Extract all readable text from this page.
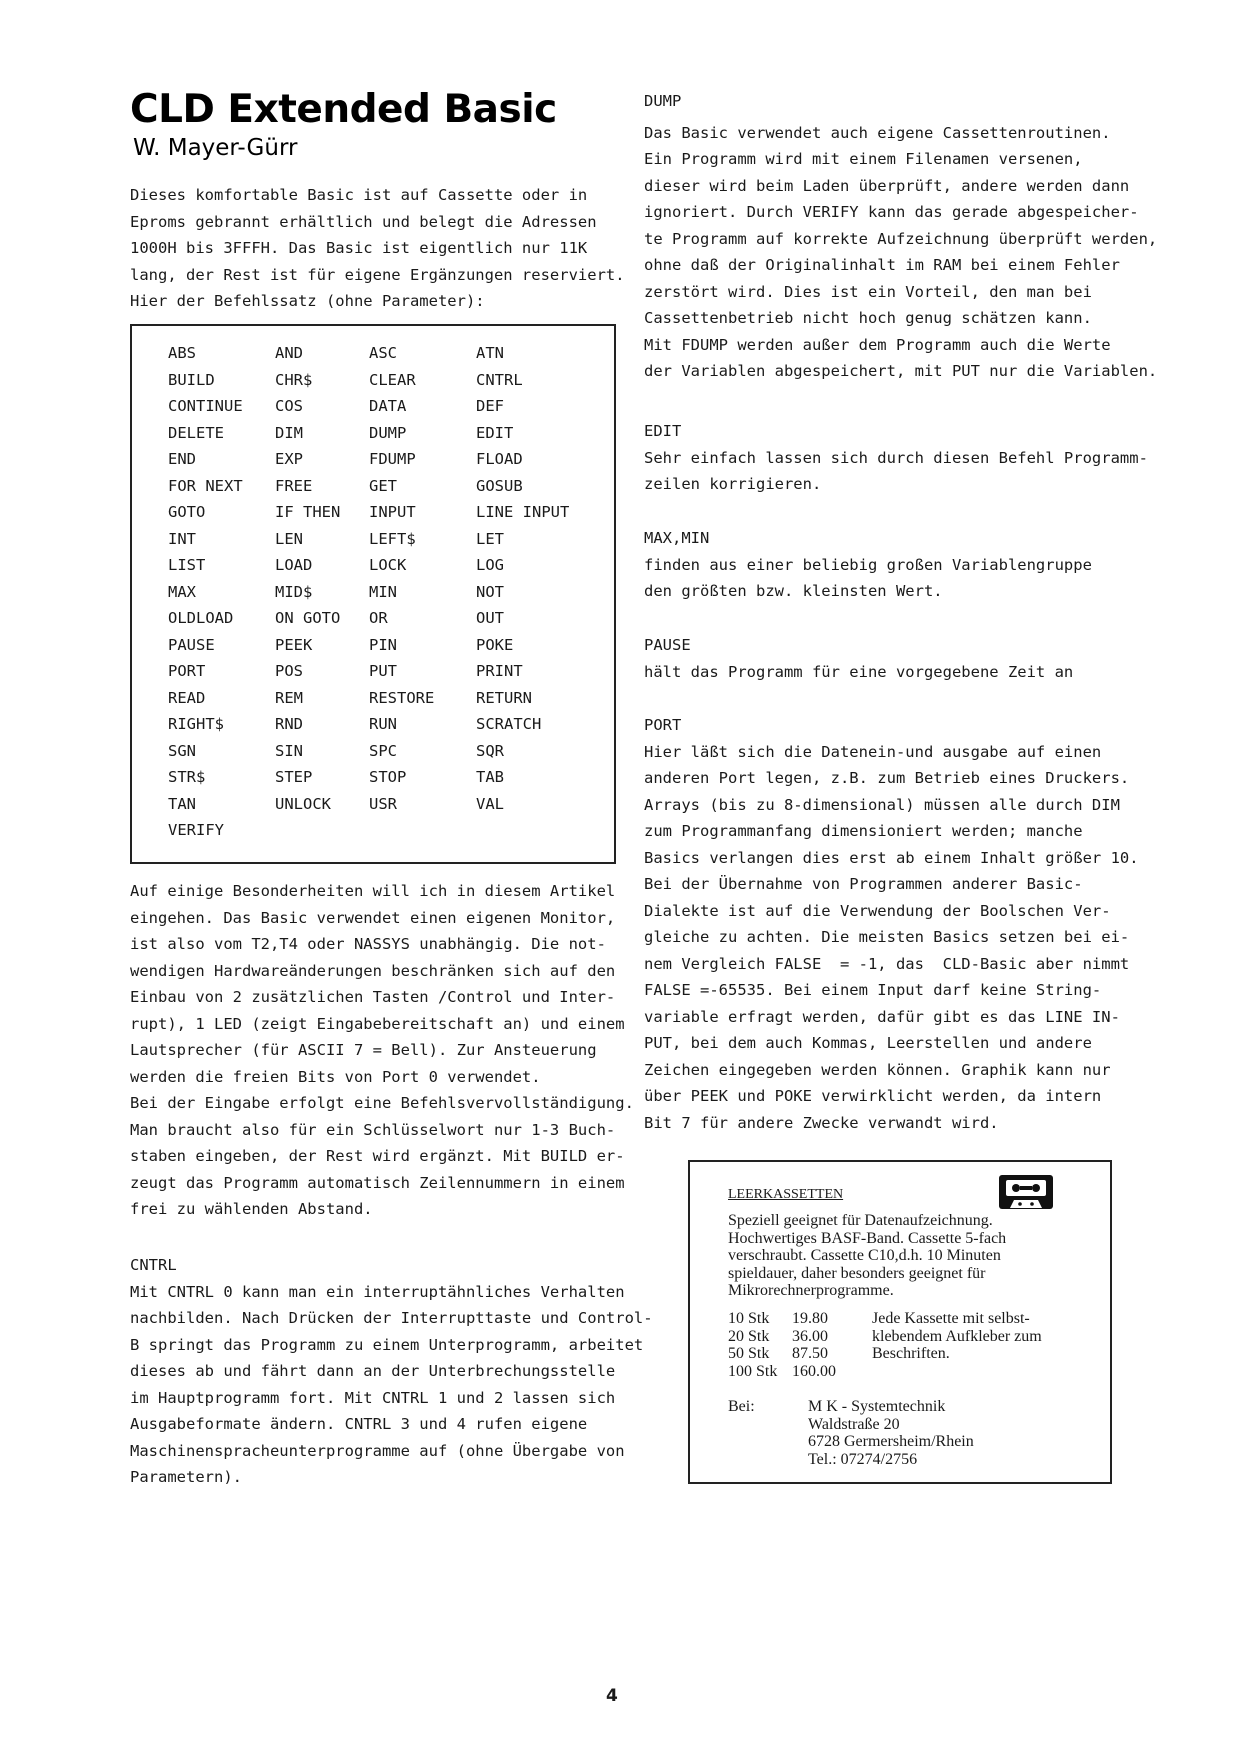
CLD Extended Basic
W. Mayer-Gürr

Dieses komfortable Basic ist auf Cassette oder in

Eproms gebrannt erhältlich und belegt die Adressen

1000H bis 3FFFH. Das Basic ist eigentlich nur 11K

lang, der Rest ist für eigene Ergänzungen reserviert.

Hier der Befehlssatz (ohne Parameter):

ABS	AND	ASC	ATN
BUILD	CHR$	CLEAR	CNTRL
CONTINUE	COS	DATA	DEF
DELETE	DIM	DUMP	EDIT
END	EXP	FDUMP	FLOAD
FOR NEXT	FREE	GET	GOSUB
GOTO	IF THEN	INPUT	LINE INPUT
INT	LEN	LEFT$	LET
LIST	LOAD	LOCK	LOG
MAX	MID$	MIN	NOT
OLDLOAD	ON GOTO	OR	OUT
PAUSE	PEEK	PIN	POKE
PORT	POS	PUT	PRINT
READ	REM	RESTORE	RETURN
RIGHT$	RND	RUN	SCRATCH
SGN	SIN	SPC	SQR
STR$	STEP	STOP	TAB
TAN	UNLOCK	USR	VAL
VERIFY

Auf einige Besonderheiten will ich in diesem Artikel

eingehen. Das Basic verwendet einen eigenen Monitor,

ist also vom T2,T4 oder NASSYS unabhängig. Die not-

wendigen Hardwareänderungen beschränken sich auf den

Einbau von 2 zusätzlichen Tasten /Control und Inter-

rupt), 1 LED (zeigt Eingabebereitschaft an) und einem

Lautsprecher (für ASCII 7 = Bell). Zur Ansteuerung

werden die freien Bits von Port 0 verwendet.

Bei der Eingabe erfolgt eine Befehlsvervollständigung.

Man braucht also für ein Schlüsselwort nur 1-3 Buch-

staben eingeben, der Rest wird ergänzt. Mit BUILD er-

zeugt das Programm automatisch Zeilennummern in einem

frei zu wählenden Abstand.

CNTRL

Mit CNTRL 0 kann man ein interruptähnliches Verhalten

nachbilden. Nach Drücken der Interrupttaste und Control-

B springt das Programm zu einem Unterprogramm, arbeitet

dieses ab und fährt dann an der Unterbrechungsstelle

im Hauptprogramm fort. Mit CNTRL 1 und 2 lassen sich

Ausgabeformate ändern. CNTRL 3 und 4 rufen eigene

Maschinenspracheunterprogramme auf (ohne Übergabe von

Parametern).

DUMP

Das Basic verwendet auch eigene Cassettenroutinen.

Ein Programm wird mit einem Filenamen versenen,

dieser wird beim Laden überprüft, andere werden dann

ignoriert. Durch VERIFY kann das gerade abgespeicher-

te Programm auf korrekte Aufzeichnung überprüft werden,

ohne daß der Originalinhalt im RAM bei einem Fehler

zerstört wird. Dies ist ein Vorteil, den man bei

Cassettenbetrieb nicht hoch genug schätzen kann.

Mit FDUMP werden außer dem Programm auch die Werte

der Variablen abgespeichert, mit PUT nur die Variablen.

EDIT

Sehr einfach lassen sich durch diesen Befehl Programm-

zeilen korrigieren.

MAX,MIN

finden aus einer beliebig großen Variablengruppe

den größten bzw. kleinsten Wert.

PAUSE

hält das Programm für eine vorgegebene Zeit an

PORT

Hier läßt sich die Datenein-und ausgabe auf einen

anderen Port legen, z.B. zum Betrieb eines Druckers.

Arrays (bis zu 8-dimensional) müssen alle durch DIM

zum Programmanfang dimensioniert werden; manche

Basics verlangen dies erst ab einem Inhalt größer 10.

Bei der Übernahme von Programmen anderer Basic-

Dialekte ist auf die Verwendung der Boolschen Ver-

gleiche zu achten. Die meisten Basics setzen bei ei-

nem Vergleich FALSE  = -1, das  CLD-Basic aber nimmt

FALSE =-65535. Bei einem Input darf keine String-

variable erfragt werden, dafür gibt es das LINE IN-

PUT, bei dem auch Kommas, Leerstellen und andere

Zeichen eingegeben werden können. Graphik kann nur

über PEEK und POKE verwirklicht werden, da intern

Bit 7 für andere Zwecke verwandt wird.

LEERKASSETTEN

Speziell geeignet für Datenaufzeichnung.

Hochwertiges BASF-Band. Cassette 5-fach

verschraubt. Cassette C10,d.h. 10 Minuten

spieldauer, daher besonders geeignet für

Mikrorechnerprogramme.

10 Stk	19.80	Jede Kassette mit selbst-
20 Stk	36.00	klebendem Aufkleber zum
50 Stk	87.50	Beschriften.
100 Stk 160.00
Bei:	M K - Systemtechnik

Waldstraße 20

6728 Germersheim/Rhein

Tel.: 07274/2756

4
